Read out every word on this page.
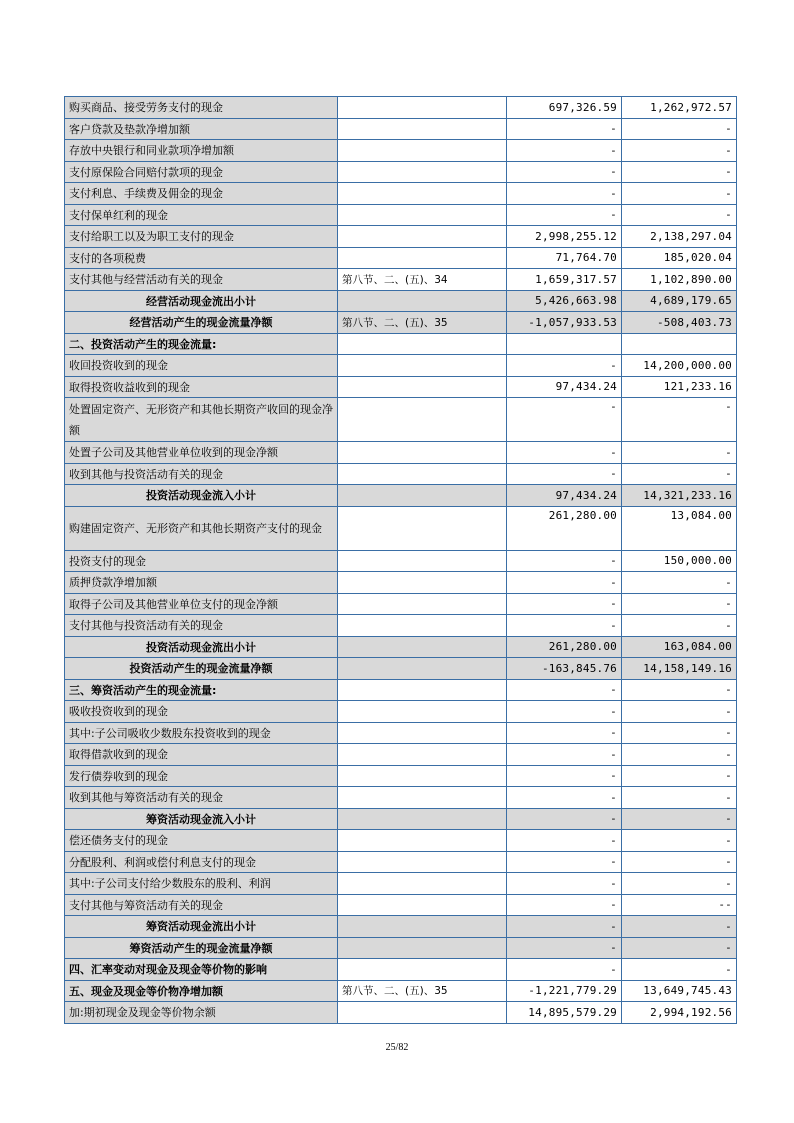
购买商品、接受劳务支付的现金		697,326.59	1,262,972.57
客户贷款及垫款净增加额		-	-
存放中央银行和同业款项净增加额		-	-
支付原保险合同赔付款项的现金		-	-
支付利息、手续费及佣金的现金		-	-
支付保单红利的现金		-	-
支付给职工以及为职工支付的现金		2,998,255.12	2,138,297.04
支付的各项税费		71,764.70	185,020.04
支付其他与经营活动有关的现金	第八节、二、(五)、34	1,659,317.57	1,102,890.00
经营活动现金流出小计		5,426,663.98	4,689,179.65
经营活动产生的现金流量净额	第八节、二、(五)、35	-1,057,933.53	-508,403.73
二、投资活动产生的现金流量:			
收回投资收到的现金		-	14,200,000.00
取得投资收益收到的现金		97,434.24	121,233.16
处置固定资产、无形资产和其他长期资产收回的现金净额		-	-
处置子公司及其他营业单位收到的现金净额		-	-
收到其他与投资活动有关的现金		-	-
投资活动现金流入小计		97,434.24	14,321,233.16
购建固定资产、无形资产和其他长期资产支付的现金		261,280.00	13,084.00
投资支付的现金		-	150,000.00
质押贷款净增加额		-	-
取得子公司及其他营业单位支付的现金净额		-	-
支付其他与投资活动有关的现金		-	-
投资活动现金流出小计		261,280.00	163,084.00
投资活动产生的现金流量净额		-163,845.76	14,158,149.16
三、筹资活动产生的现金流量:		-	-
吸收投资收到的现金		-	-
其中:子公司吸收少数股东投资收到的现金		-	-
取得借款收到的现金		-	-
发行债券收到的现金		-	-
收到其他与筹资活动有关的现金		-	-
筹资活动现金流入小计		-	-
偿还债务支付的现金		-	-
分配股利、利润或偿付利息支付的现金		-	-
其中:子公司支付给少数股东的股利、利润		-	-
支付其他与筹资活动有关的现金		-	--
筹资活动现金流出小计		-	-
筹资活动产生的现金流量净额		-	-
四、汇率变动对现金及现金等价物的影响		-	-
五、现金及现金等价物净增加额	第八节、二、(五)、35	-1,221,779.29	13,649,745.43
加:期初现金及现金等价物余额		14,895,579.29	2,994,192.56
25/82
